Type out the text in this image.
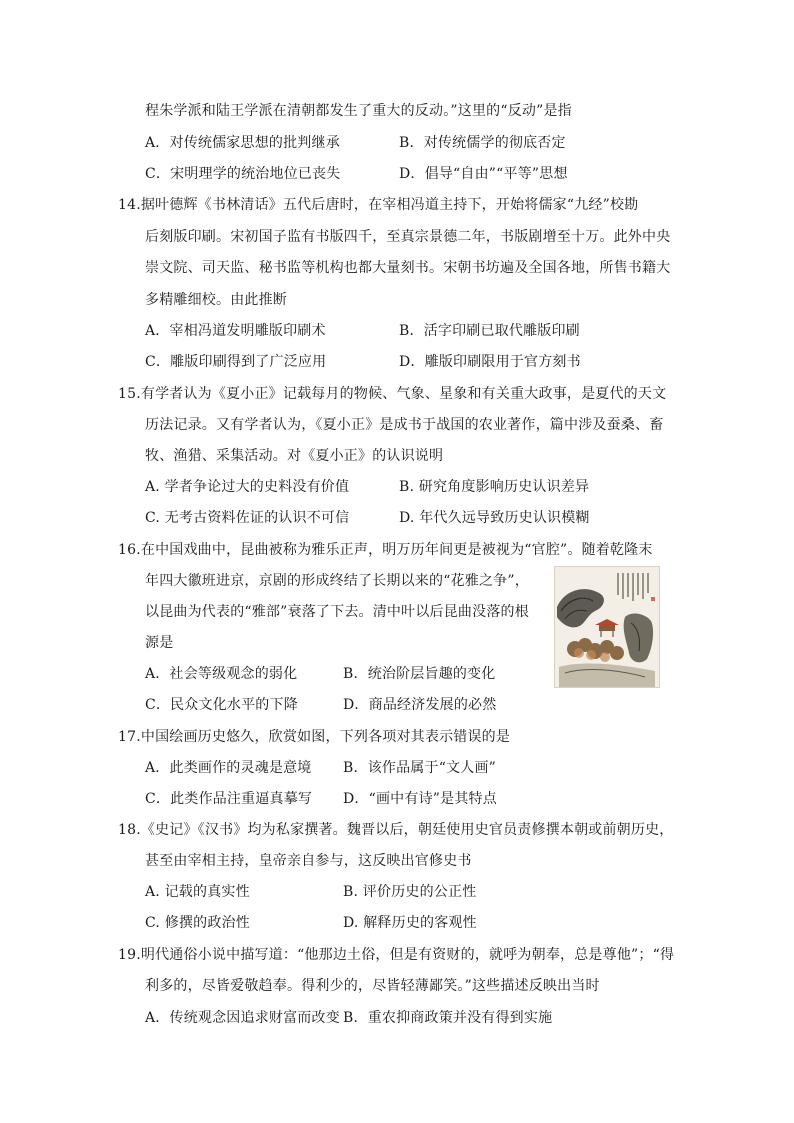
程朱学派和陆王学派在清朝都发生了重大的反动。”这里的“反动”是指
A．对传统儒家思想的批判继承	B．对传统儒学的彻底否定
C．宋明理学的统治地位已丧失	D．倡导“自由”“平等”思想
14.据叶德辉《书林清话》五代后唐时，在宰相冯道主持下，开始将儒家“九经”校勘
后刻版印刷。宋初国子监有书版四千，至真宗景德二年，书版剧增至十万。此外中央
崇文院、司天监、秘书监等机构也都大量刻书。宋朝书坊遍及全国各地，所售书籍大
多精雕细校。由此推断
A．宰相冯道发明雕版印刷术	B．活字印刷已取代雕版印刷
C．雕版印刷得到了广泛应用	D．雕版印刷限用于官方刻书
15.有学者认为《夏小正》记载每月的物候、气象、星象和有关重大政事，是夏代的天文
历法记录。又有学者认为，《夏小正》是成书于战国的农业著作，篇中涉及蚕桑、畜
牧、渔猎、采集活动。对《夏小正》的认识说明
A. 学者争论过大的史料没有价值	B. 研究角度影响历史认识差异
C. 无考古资料佐证的认识不可信	D. 年代久远导致历史认识模糊
16.在中国戏曲中，昆曲被称为雅乐正声，明万历年间更是被视为“官腔”。随着乾隆末
年四大徽班进京，京剧的形成终结了长期以来的“花雅之争”，
以昆曲为代表的“雅部”衰落了下去。清中叶以后昆曲没落的根
源是
A．社会等级观念的弱化	B．统治阶层旨趣的变化
C．民众文化水平的下降	D．商品经济发展的必然
17.中国绘画历史悠久，欣赏如图，下列各项对其表示错误的是
A．此类画作的灵魂是意境 B．该作品属于“文人画”
C．此类作品注重逼真摹写 D．“画中有诗”是其特点
18.《史记》《汉书》均为私家撰著。魏晋以后，朝廷使用史官员责修撰本朝或前朝历史，
甚至由宰相主持，皇帝亲自参与，这反映出官修史书
A. 记载的真实性	B. 评价历史的公正性
C. 修撰的政治性	D. 解释历史的客观性
19.明代通俗小说中描写道：“他那边土俗，但是有资财的，就呼为朝奉，总是尊他”；“得
利多的，尽皆爱敬趋奉。得利少的，尽皆轻薄鄙笑。”这些描述反映出当时
A．传统观念因追求财富而改变 B．重农抑商政策并没有得到实施
